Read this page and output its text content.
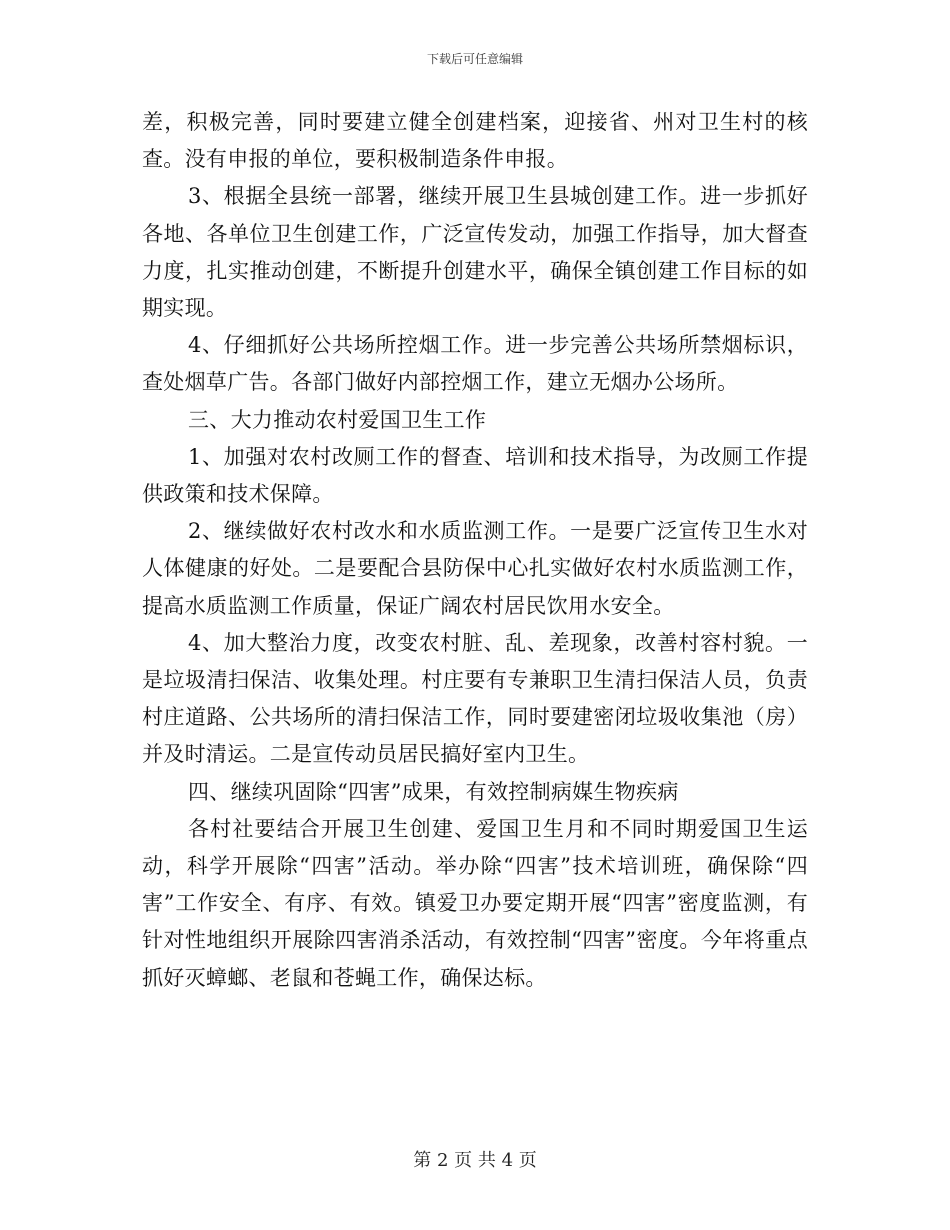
下载后可任意编辑

差，积极完善，同时要建立健全创建档案，迎接省、州对卫生村的核查。没有申报的单位，要积极制造条件申报。

3、根据全县统一部署，继续开展卫生县城创建工作。进一步抓好各地、各单位卫生创建工作，广泛宣传发动，加强工作指导，加大督查力度，扎实推动创建，不断提升创建水平，确保全镇创建工作目标的如期实现。

4、仔细抓好公共场所控烟工作。进一步完善公共场所禁烟标识，查处烟草广告。各部门做好内部控烟工作，建立无烟办公场所。

三、大力推动农村爱国卫生工作

1、加强对农村改厕工作的督查、培训和技术指导，为改厕工作提供政策和技术保障。

2、继续做好农村改水和水质监测工作。一是要广泛宣传卫生水对人体健康的好处。二是要配合县防保中心扎实做好农村水质监测工作，提高水质监测工作质量，保证广阔农村居民饮用水安全。

4、加大整治力度，改变农村脏、乱、差现象，改善村容村貌。一是垃圾清扫保洁、收集处理。村庄要有专兼职卫生清扫保洁人员，负责村庄道路、公共场所的清扫保洁工作，同时要建密闭垃圾收集池（房）并及时清运。二是宣传动员居民搞好室内卫生。

四、继续巩固除“四害”成果，有效控制病媒生物疾病

各村社要结合开展卫生创建、爱国卫生月和不同时期爱国卫生运动，科学开展除“四害”活动。举办除“四害”技术培训班，确保除“四害”工作安全、有序、有效。镇爱卫办要定期开展“四害”密度监测，有针对性地组织开展除四害消杀活动，有效控制“四害”密度。今年将重点抓好灭蟑螂、老鼠和苍蝇工作，确保达标。

第 2 页 共 4 页
